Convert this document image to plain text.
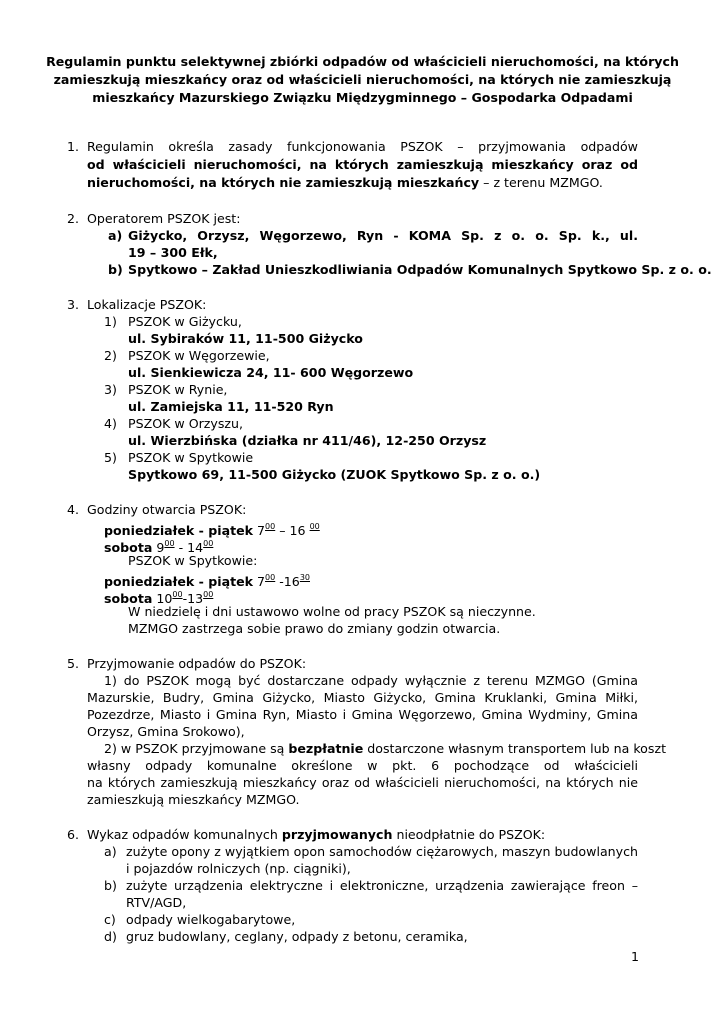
Regulamin punktu selektywnej zbiórki odpadów od właścicieli nieruchomości, na których
zamieszkują mieszkańcy oraz od właścicieli nieruchomości, na których nie zamieszkują
mieszkańcy Mazurskiego Związku Międzygminnego – Gospodarka Odpadami
1. Regulamin określa zasady funkcjonowania PSZOK – przyjmowania odpadów
od właścicieli nieruchomości, na których zamieszkują mieszkańcy oraz od
nieruchomości, na których nie zamieszkują mieszkańcy – z terenu MZMGO.
2. Operatorem PSZOK jest:
a) Giżycko, Orzysz, Węgorzewo, Ryn - KOMA Sp. z o. o. Sp. k., ul.
19 – 300 Ełk,
b) Spytkowo – Zakład Unieszkodliwiania Odpadów Komunalnych Spytkowo Sp. z o. o.
3. Lokalizacje PSZOK:
1) PSZOK w Giżycku,
ul. Sybiraków 11, 11-500 Giżycko
2) PSZOK w Węgorzewie,
ul. Sienkiewicza 24, 11- 600 Węgorzewo
3) PSZOK w Rynie,
ul. Zamiejska 11, 11-520 Ryn
4) PSZOK w Orzyszu,
ul. Wierzbińska (działka nr 411/46), 12-250 Orzysz
5) PSZOK w Spytkowie
Spytkowo 69, 11-500 Giżycko (ZUOK Spytkowo Sp. z o. o.)
4. Godziny otwarcia PSZOK:
poniedziałek - piątek $7^{00} - 16$ $^{00}$
sobota $9^{00} - 14^{00}$
PSZOK w Spytkowie:
poniedziałek - piątek $7^{00}$ $-16^{30}$
sobota $10^{00}-13^{00}$
W niedzielę i dni ustawowo wolne od pracy PSZOK są nieczynne.
MZMGO zastrzega sobie prawo do zmiany godzin otwarcia.
5. Przyjmowanie odpadów do PSZOK:
1) do PSZOK mogą być dostarczane odpady wyłącznie z terenu MZMGO (Gmina
Mazurskie, Budry, Gmina Giżycko, Miasto Giżycko, Gmina Kruklanki, Gmina Miłki,
Pozezdrze, Miasto i Gmina Ryn, Miasto i Gmina Węgorzewo, Gmina Wydminy, Gmina
Orzysz, Gmina Srokowo),
2) w PSZOK przyjmowane są bezpłatnie dostarczone własnym transportem lub na koszt
własny odpady komunalne określone w pkt. 6 pochodzące od właścicieli
na których zamieszkują mieszkańcy oraz od właścicieli nieruchomości, na których nie
zamieszkują mieszkańcy MZMGO.
6. Wykaz odpadów komunalnych przyjmowanych nieodpłatnie do PSZOK:
a) zużyte opony z wyjątkiem opon samochodów ciężarowych, maszyn budowlanych
i pojazdów rolniczych (np. ciągniki),
b) zużyte urządzenia elektryczne i elektroniczne, urządzenia zawierające freon –
RTV/AGD,
c) odpady wielkogabarytowe,
d) gruz budowlany, ceglany, odpady z betonu, ceramika,
1
